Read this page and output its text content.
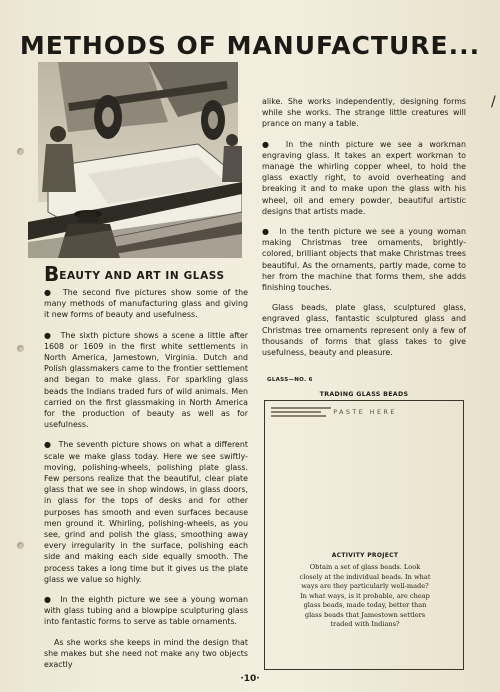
METHODS OF MANUFACTURE...
BEAUTY AND ART IN GLASS

● The second five pictures show some of the many methods of manufacturing glass and giving it new forms of beauty and usefulness.

● The sixth picture shows a scene a little after 1608 or 1609 in the first white settlements in North America, Jamestown, Virginia. Dutch and Polish glassmakers came to the frontier settlement and began to make glass. For sparkling glass beads the Indians traded furs of wild animals. Men carried on the first glassmaking in North America for the production of beauty as well as for usefulness.

● The seventh picture shows on what a different scale we make glass today. Here we see swiftly-moving, polishing-wheels, polishing plate glass. Few persons realize that the beautiful, clear plate glass that we see in shop windows, in glass doors, in glass for the tops of desks and for other purposes has smooth and even surfaces because men ground it. Whirling, polishing-wheels, as you see, grind and polish the glass, smoothing away every irregularity in the surface, polishing each side and making each side equally smooth. The process takes a long time but it gives us the plate glass we value so highly.

● In the eighth picture we see a young woman with glass tubing and a blowpipe sculpturing glass into fantastic forms to serve as table ornaments.

As she works she keeps in mind the design that she makes but she need not make any two objects exactly

alike. She works independently, designing forms while she works. The strange little creatures will prance on many a table.

● In the ninth picture we see a workman engraving glass. It takes an expert workman to manage the whirling copper wheel, to hold the glass exactly right, to avoid overheating and breaking it and to make upon the glass with his wheel, oil and emery powder, beautiful artistic designs that artists made.

● In the tenth picture we see a young woman making Christmas tree ornaments, brightly-colored, brilliant objects that make Christmas trees beautiful. As the ornaments, partly made, come to her from the machine that forms them, she adds finishing touches.

Glass beads, plate glass, sculptured glass, engraved glass, fantastic sculptured glass and Christmas tree ornaments represent only a few of thousands of forms that glass takes to give usefulness, beauty and pleasure.

GLASS—NO. 6
TRADING GLASS BEADS
PASTE HERE
ACTIVITY PROJECT
Obtain a set of glass beads. Look
closely at the individual beads. In what
ways are they particularly well-made?
In what ways, is it probable, are cheap
glass beads, made today, better than
glass beads that Jamestown settlers
traded with Indians?
/
·10·
